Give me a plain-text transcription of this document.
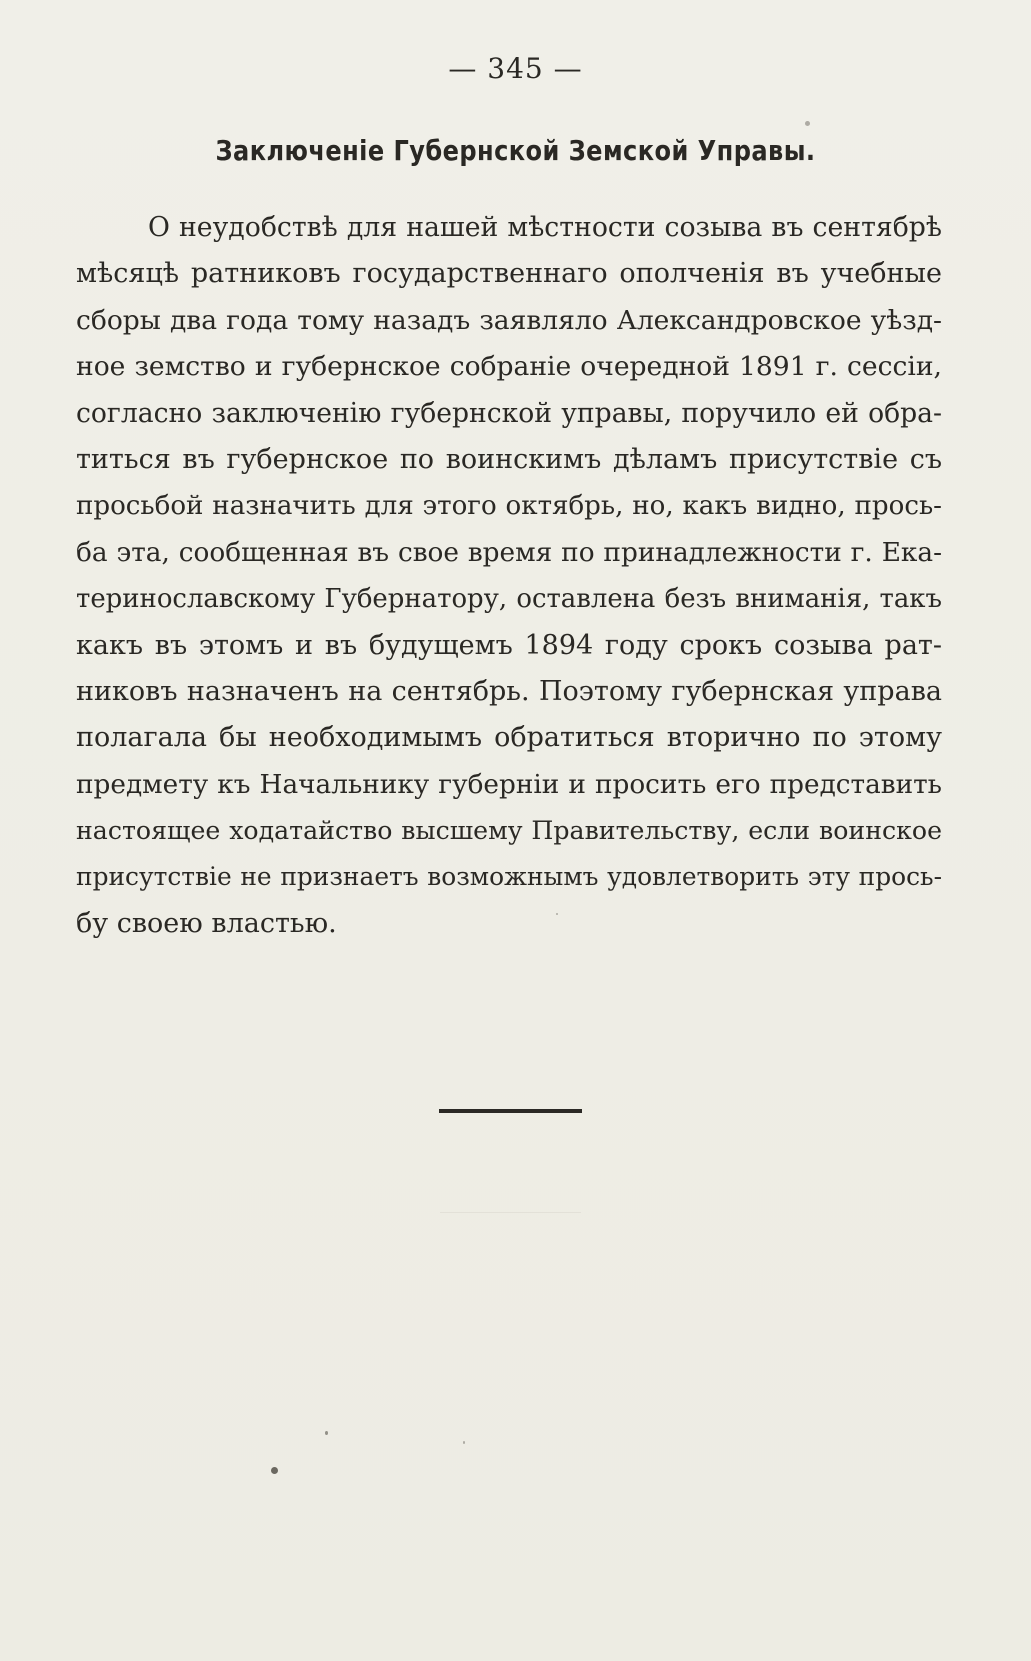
— 345 —
Заключеніе Губернской Земской Управы.
О неудобствѣ для нашей мѣстности созыва въ сентябрѣ
мѣсяцѣ ратниковъ государственнаго ополченія въ учебные
сборы два года тому назадъ заявляло Александровское уѣзд-
ное земство и губернское собраніе очередной 1891 г. сессіи,
согласно заключенію губернской управы, поручило ей обра-
титься въ губернское по воинскимъ дѣламъ присутствіе съ
просьбой назначить для этого октябрь, но, какъ видно, прось-
ба эта, сообщенная въ свое время по принадлежности г. Ека-
теринославскому Губернатору, оставлена безъ вниманія, такъ
какъ въ этомъ и въ будущемъ 1894 году срокъ созыва рат-
никовъ назначенъ на сентябрь. Поэтому губернская управа
полагала бы необходимымъ обратиться вторично по этому
предмету къ Начальнику губерніи и просить его представить
настоящее ходатайство высшему Правительству, если воинское
присутствіе не признаетъ возможнымъ удовлетворить эту прось-
бу своею властью.
